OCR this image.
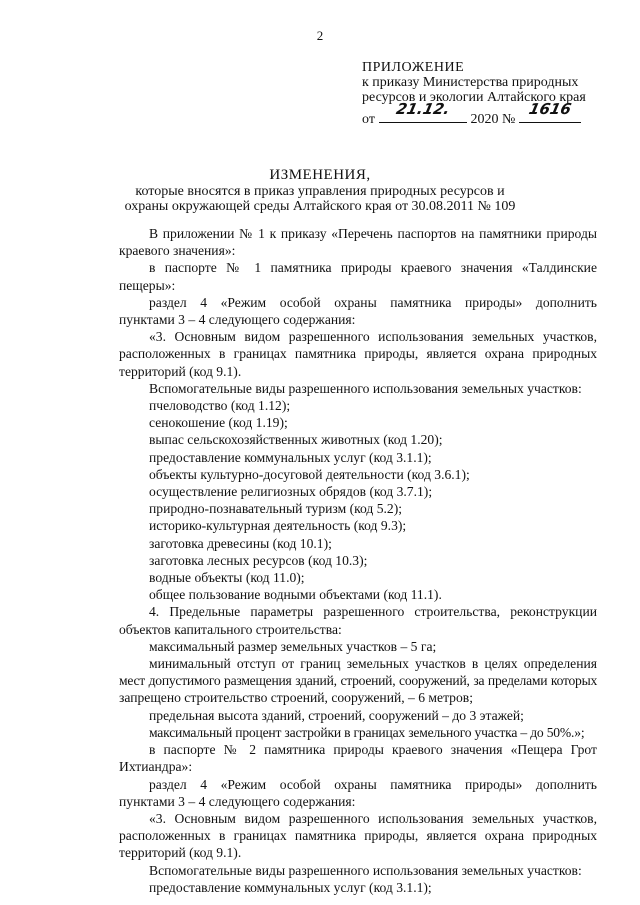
2
ПРИЛОЖЕНИЕ
к приказу Министерства природных
ресурсов и экологии Алтайского края
от
21.12.
2020 №
1616
ИЗМЕНЕНИЯ,
которые вносятся в приказ управления природных ресурсов и
охраны окружающей среды Алтайского края от 30.08.2011 № 109
В приложении № 1 к приказу «Перечень паспортов на памятники природы
краевого значения»:
в паспорте № 1 памятника природы краевого значения «Талдинские
пещеры»:
раздел 4 «Режим особой охраны памятника природы» дополнить
пунктами 3 – 4 следующего содержания:
«3. Основным видом разрешенного использования земельных участков,
расположенных в границах памятника природы, является охрана природных
территорий (код 9.1).
Вспомогательные виды разрешенного использования земельных участков:
пчеловодство (код 1.12);
сенокошение (код 1.19);
выпас сельскохозяйственных животных (код 1.20);
предоставление коммунальных услуг (код 3.1.1);
объекты культурно-досуговой деятельности (код 3.6.1);
осуществление религиозных обрядов (код 3.7.1);
природно-познавательный туризм (код 5.2);
историко-культурная деятельность (код 9.3);
заготовка древесины (код 10.1);
заготовка лесных ресурсов (код 10.3);
водные объекты (код 11.0);
общее пользование водными объектами (код 11.1).
4. Предельные параметры разрешенного строительства, реконструкции
объектов капитального строительства:
максимальный размер земельных участков – 5 га;
минимальный отступ от границ земельных участков в целях определения
мест допустимого размещения зданий, строений, сооружений, за пределами которых
запрещено строительство строений, сооружений, – 6 метров;
предельная высота зданий, строений, сооружений – до 3 этажей;
максимальный процент застройки в границах земельного участка – до 50%.»;
в паспорте № 2 памятника природы краевого значения «Пещера Грот
Ихтиандра»:
раздел 4 «Режим особой охраны памятника природы» дополнить
пунктами 3 – 4 следующего содержания:
«3. Основным видом разрешенного использования земельных участков,
расположенных в границах памятника природы, является охрана природных
территорий (код 9.1).
Вспомогательные виды разрешенного использования земельных участков:
предоставление коммунальных услуг (код 3.1.1);
